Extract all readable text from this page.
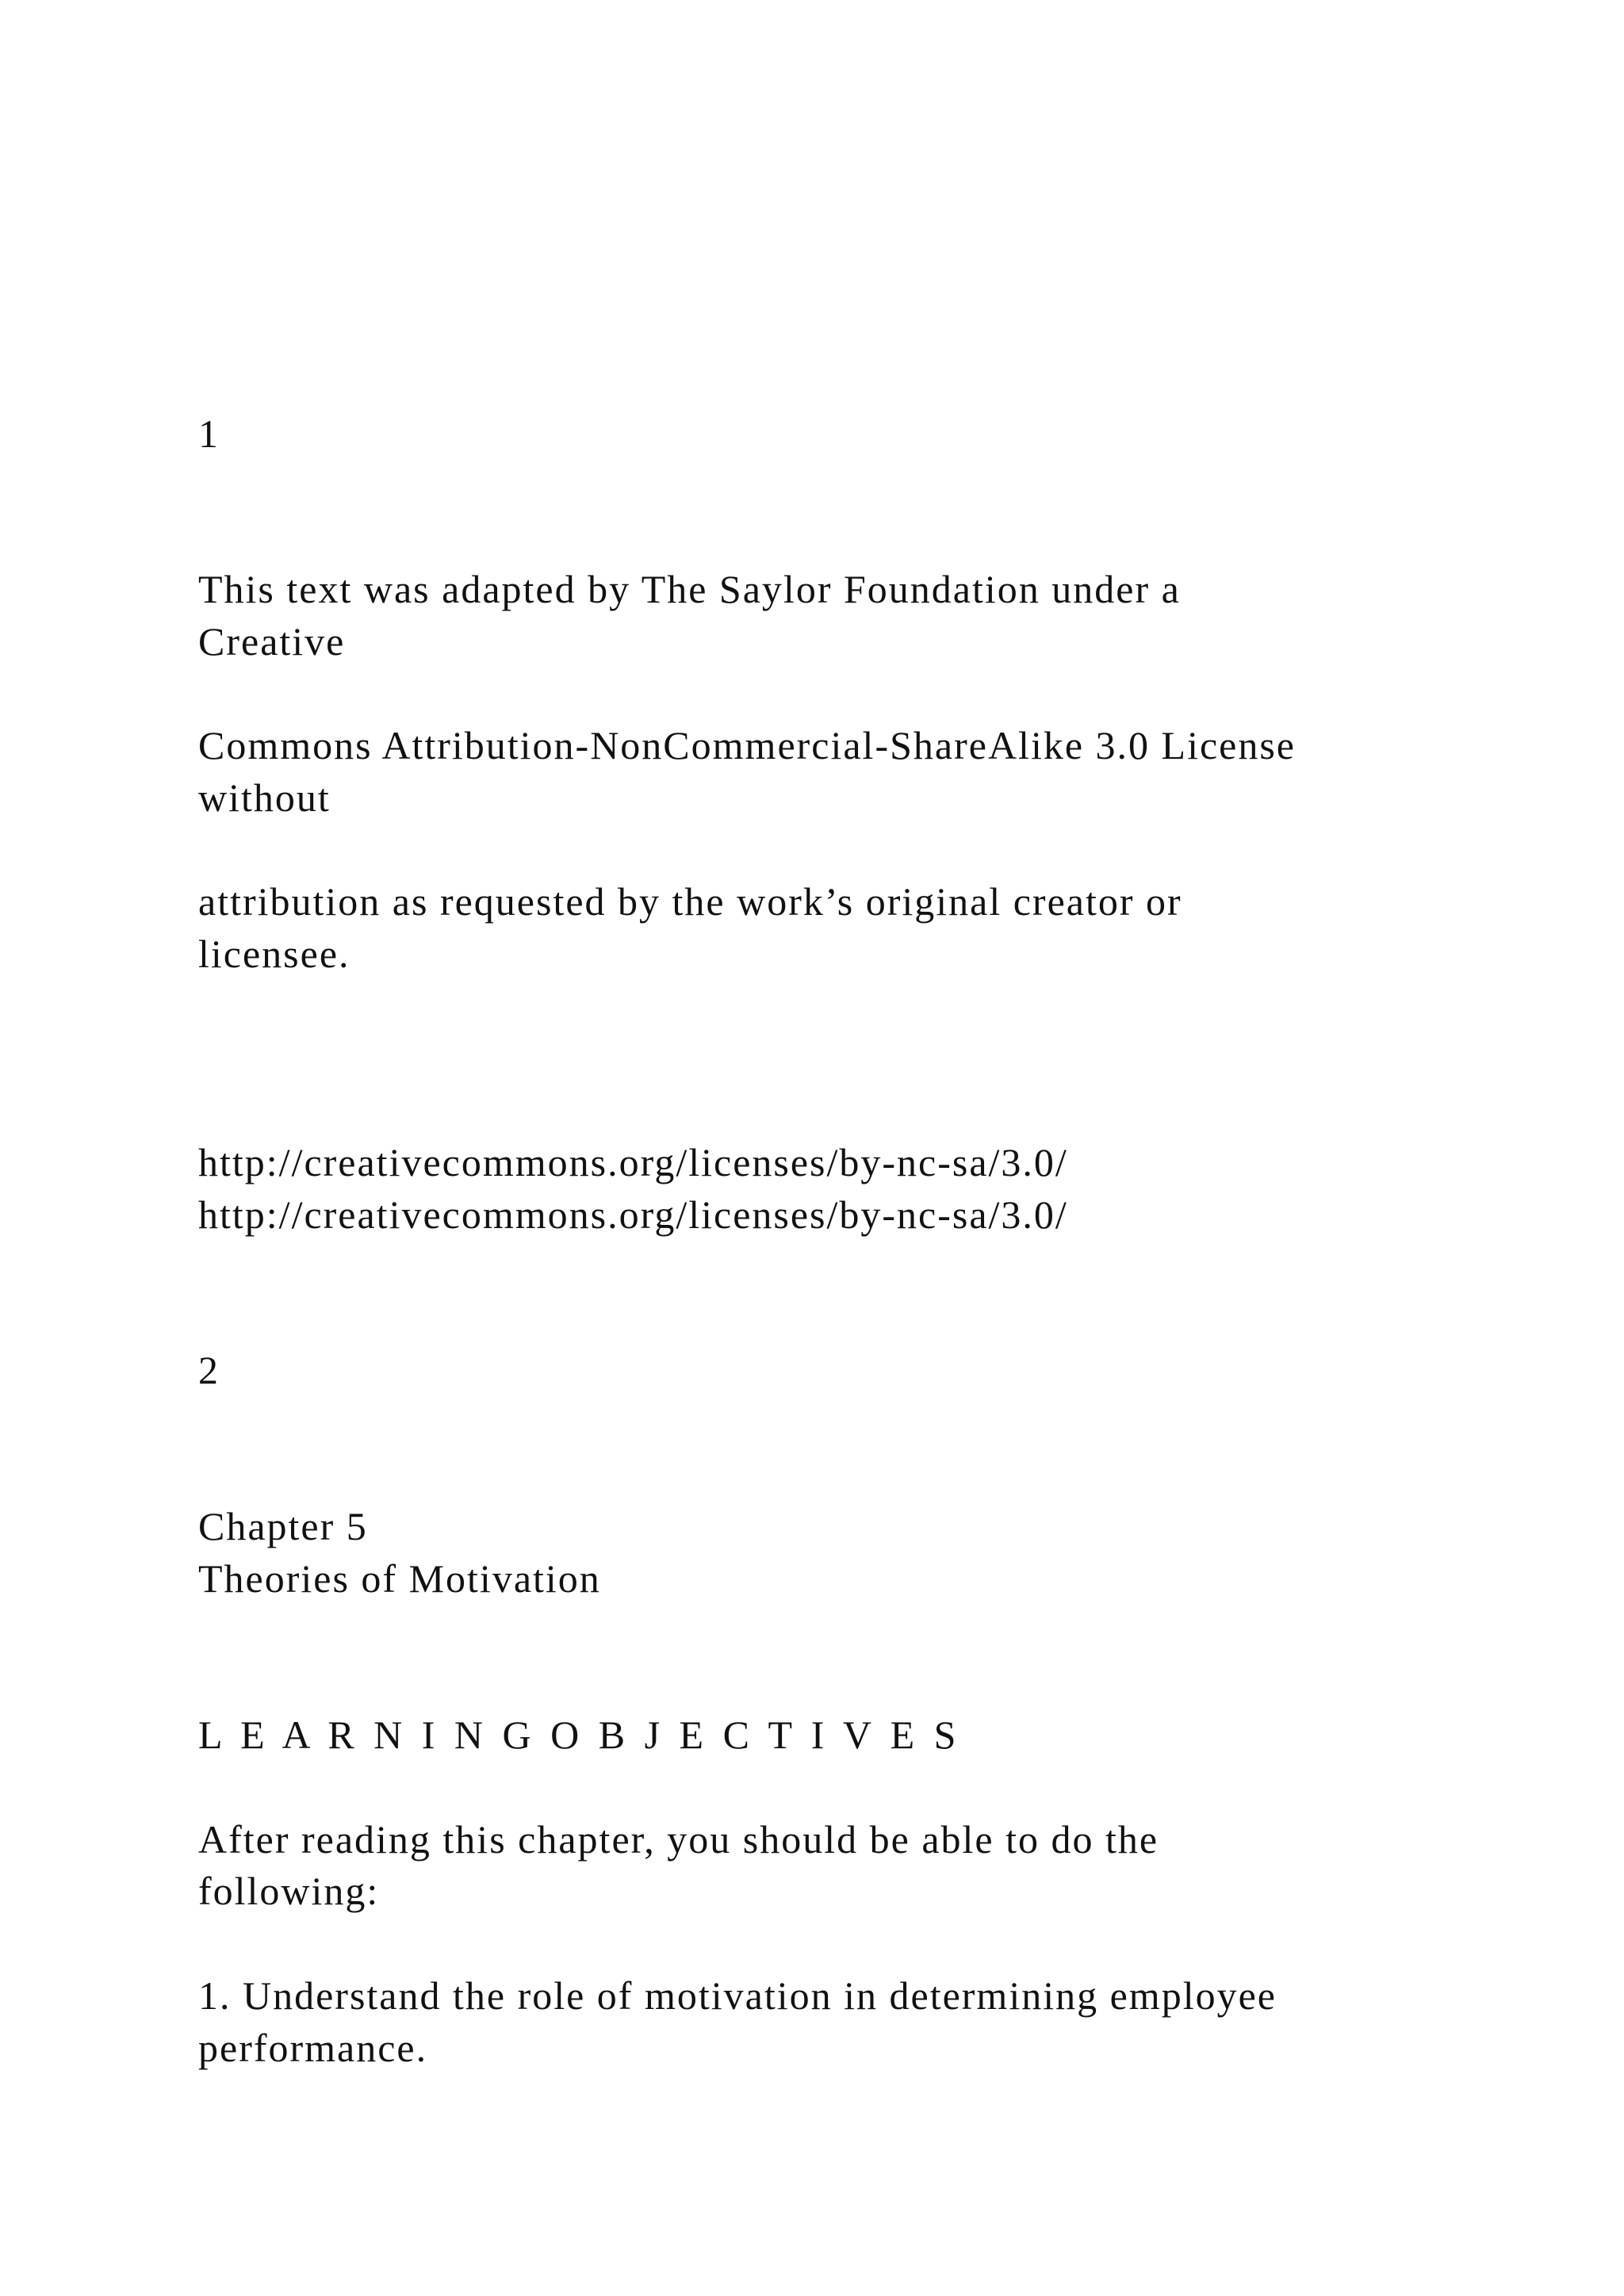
1

This text was adapted by The Saylor Foundation under a

Creative

Commons Attribution-NonCommercial-ShareAlike 3.0 License

without

attribution as requested by the work’s original creator or

licensee.

http://creativecommons.org/licenses/by-nc-sa/3.0/

http://creativecommons.org/licenses/by-nc-sa/3.0/

2

Chapter 5

Theories of Motivation

L E A R N I N G O B J E C T I V E S

After reading this chapter, you should be able to do the

following:

1. Understand the role of motivation in determining employee

performance.
